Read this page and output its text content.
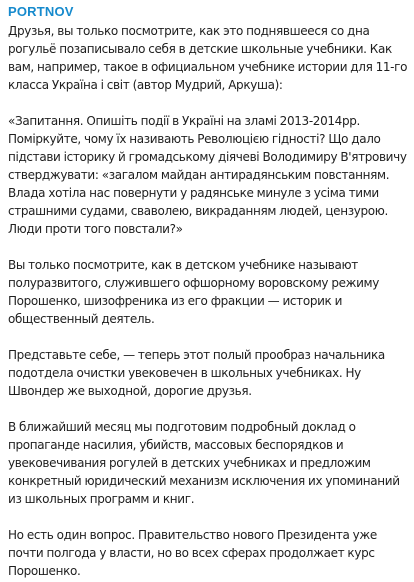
PORTNOV

Друзья, вы только посмотрите, как это поднявшееся со дна рогульё позаписывало себя в детские школьные учебники. Как вам, например, такое в официальном учебнике истории для 11-го класса Україна і світ (автор Мудрий, Аркуша):

«Запитання. Опишіть події в Україні на зламі 2013-2014рр. Поміркуйте, чому їх називають Революцією гідності? Що дало підстави історику й громадському діячеві Володимиру В'ятровичу стверджувати: «загалом майдан антирадянським повстанням. Влада хотіла нас повернути у радянське минуле з усіма тими страшними судами, сваволею, викраданням людей, цензурою. Люди проти того повстали?»

Вы только посмотрите, как в детском учебнике называют полуразвитого, служившего офшорному воровскому режиму Порошенко, шизофреника из его фракции — историк и общественный деятель.

Представьте себе, — теперь этот полый прообраз начальника подотдела очистки увековечен в школьных учебниках. Ну Швондер же выходной, дорогие друзья.

В ближайший месяц мы подготовим подробный доклад о пропаганде насилия, убийств, массовых беспорядков и увековечивания рогулей в детских учебниках и предложим конкретный юридический механизм исключения их упоминаний из школьных программ и книг.

Но есть один вопрос. Правительство нового Президента уже почти полгода у власти, но во всех сферах продолжает курс Порошенко.
